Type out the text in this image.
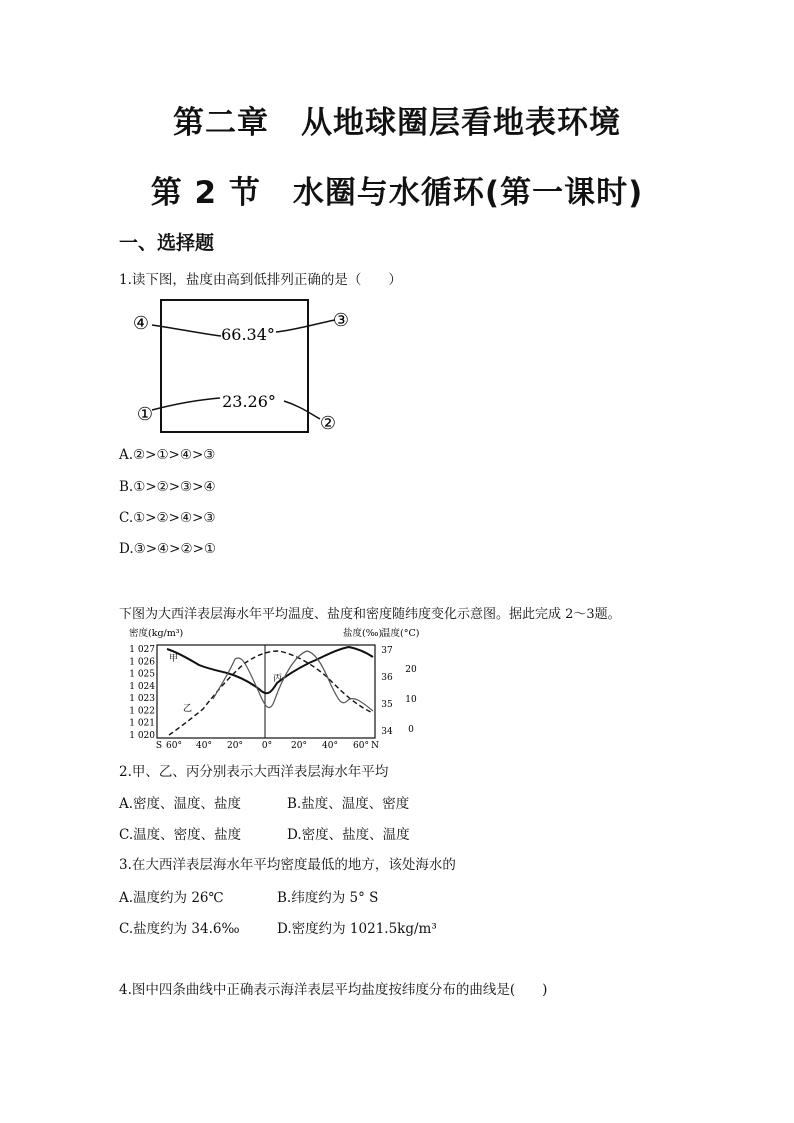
第二章　从地球圈层看地表环境
第 2 节　水圈与水循环(第一课时)
一、选择题
1.读下图，盐度由高到低排列正确的是（　　）
66.34°
23.26°
④	③
①	②
A.②>①>④>③
B.①>②>③>④
C.①>②>④>③
D.③>④>②>①
下图为大西洋表层海水年平均温度、盐度和密度随纬度变化示意图。据此完成 2～3题。
密度(kg/m³)	盐度(‰)
温度(°C)
1 027
1 026
1 025
1 024
1 023
1 022
1 021
1 020
37
36
35
34
20
10
0
S 60° 40° 20° 0° 20° 40° 60° N
甲
乙
丙
2.甲、乙、丙分别表示大西洋表层海水年平均
A.密度、温度、盐度	B.盐度、温度、密度
C.温度、密度、盐度	D.密度、盐度、温度
3.在大西洋表层海水年平均密度最低的地方，该处海水的
A.温度约为 26℃	B.纬度约为 5° S
C.盐度约为 34.6‰	D.密度约为 1021.5kg/m³
4.图中四条曲线中正确表示海洋表层平均盐度按纬度分布的曲线是(　　)
